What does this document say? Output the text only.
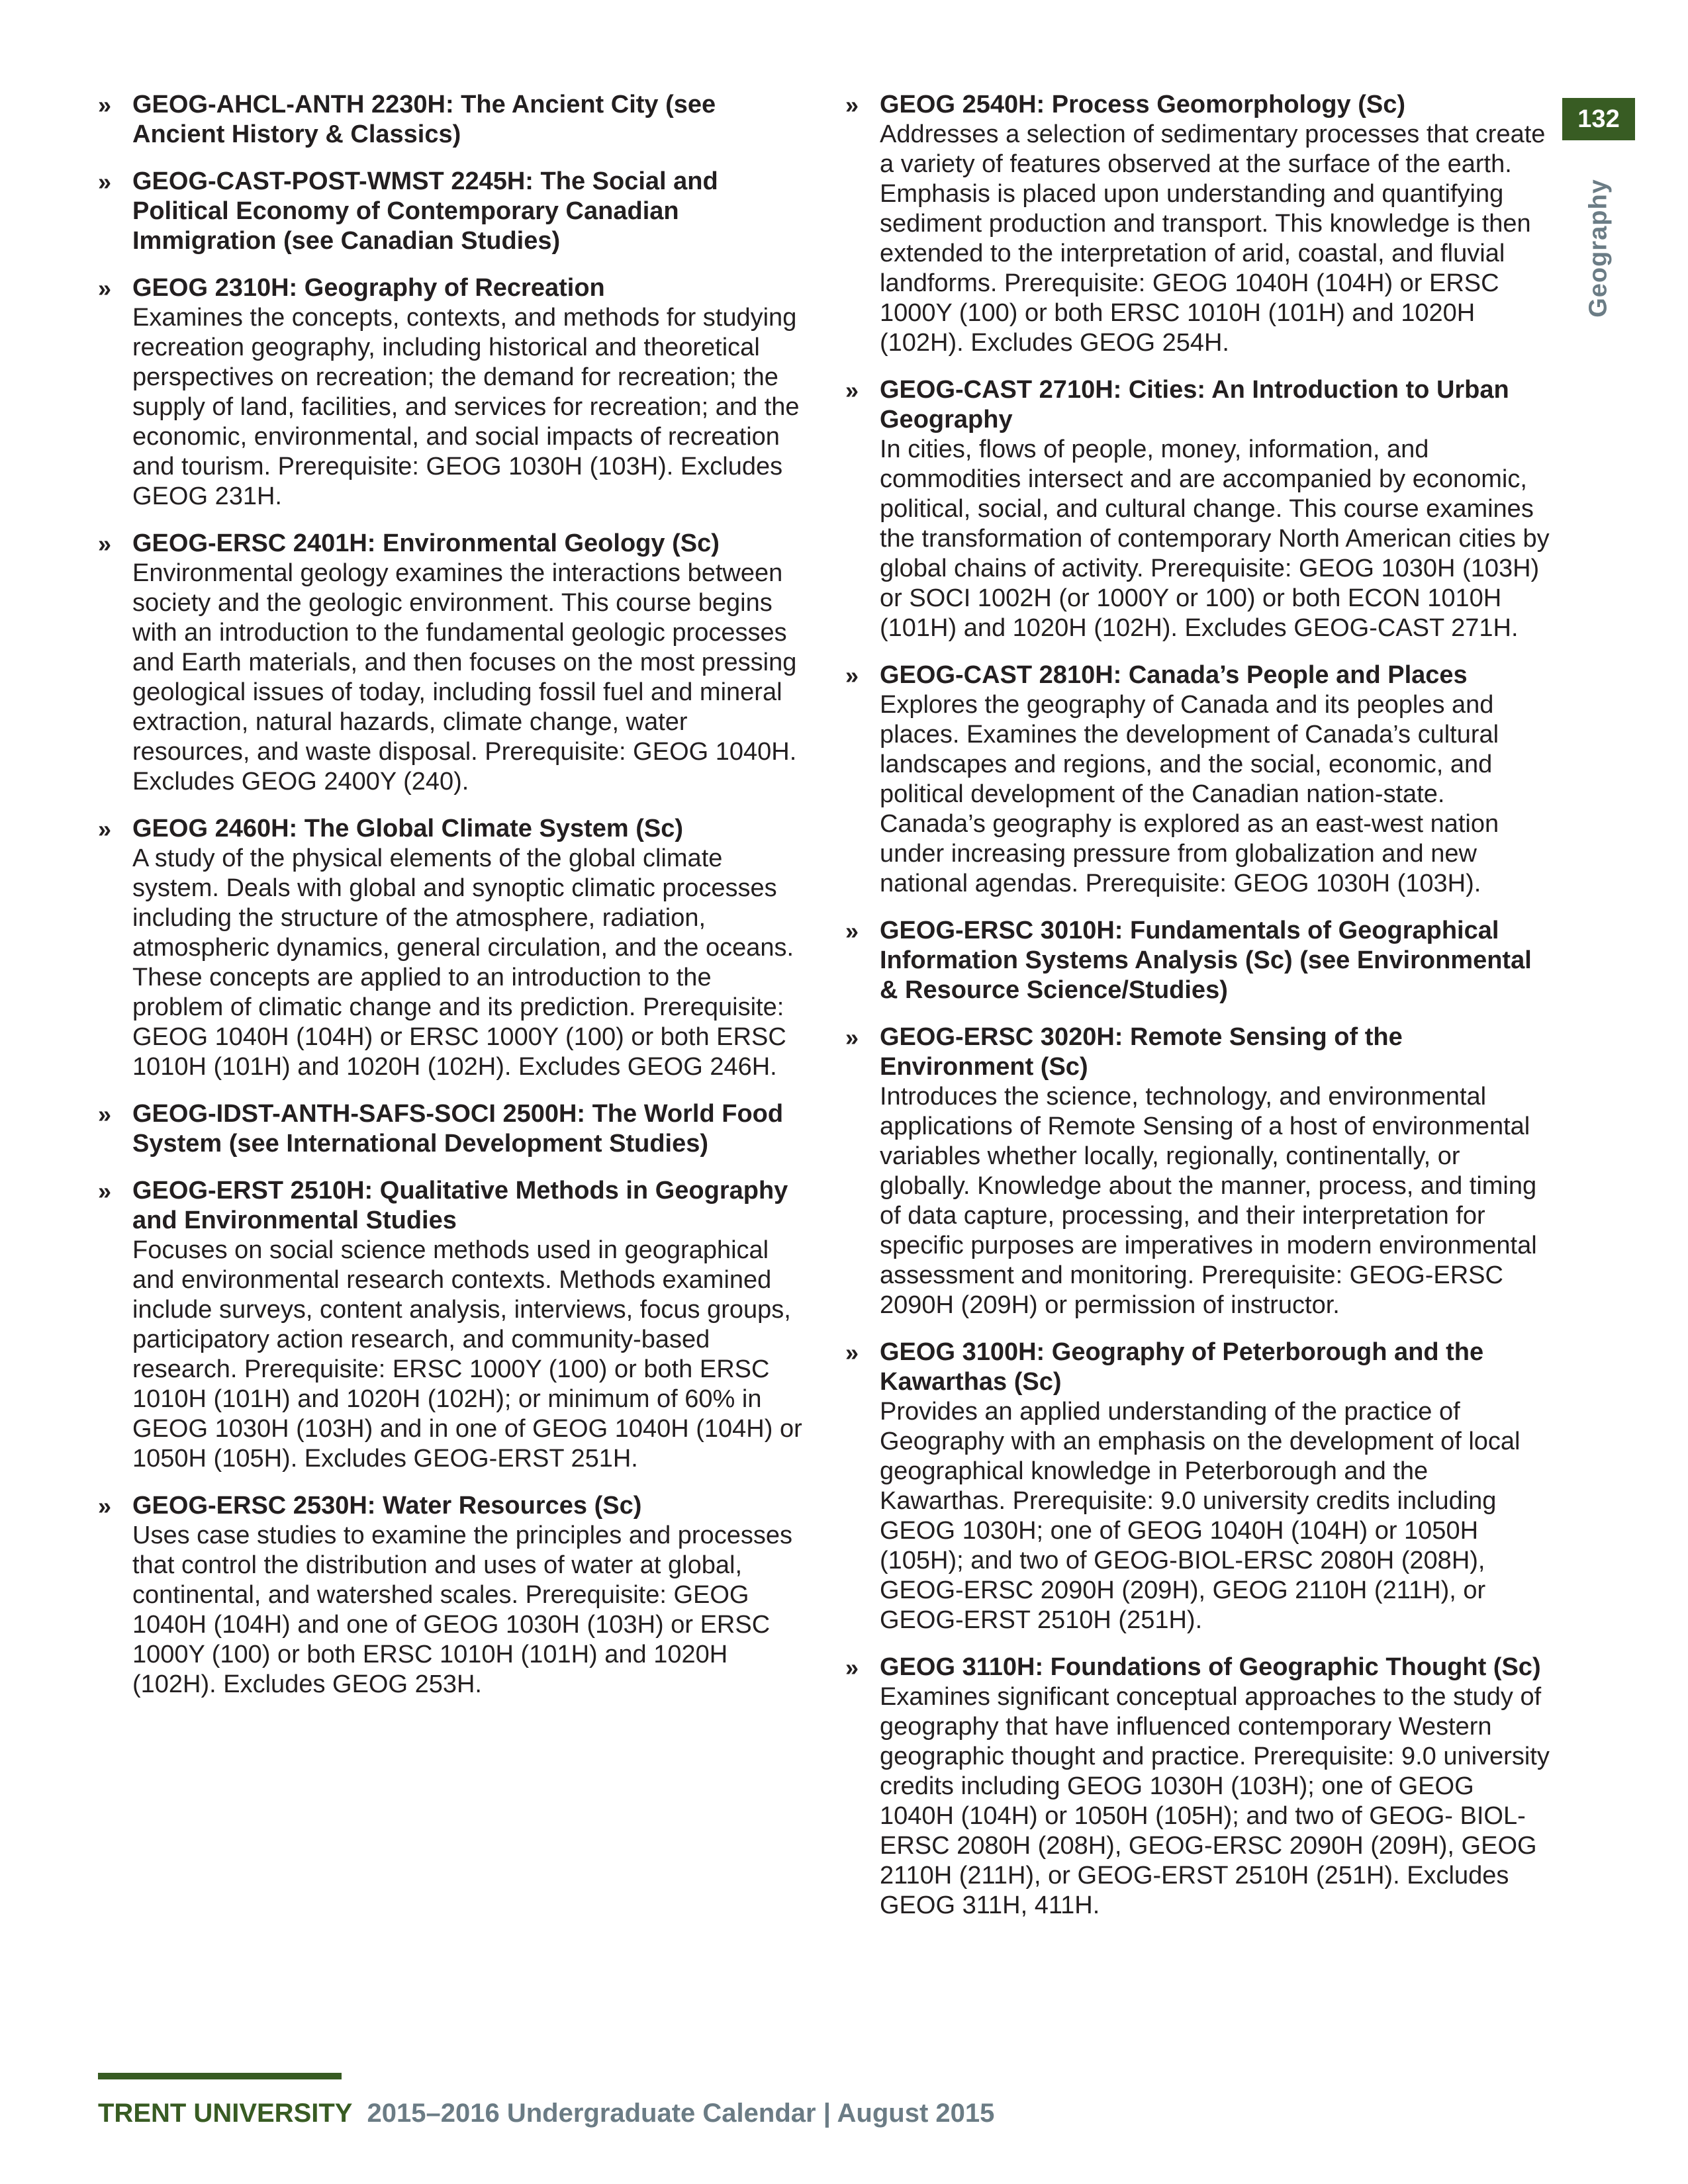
» GEOG-AHCL-ANTH 2230H: The Ancient City (see Ancient History & Classics)
» GEOG-CAST-POST-WMST 2245H: The Social and Political Economy of Contemporary Canadian Immigration (see Canadian Studies)
» GEOG 2310H: Geography of Recreation
Examines the concepts, contexts, and methods for studying recreation geography, including historical and theoretical perspectives on recreation; the demand for recreation; the supply of land, facilities, and services for recreation; and the economic, environmental, and social impacts of recreation and tourism. Prerequisite: GEOG 1030H (103H). Excludes GEOG 231H.
» GEOG-ERSC 2401H: Environmental Geology (Sc)
Environmental geology examines the interactions between society and the geologic environment. This course begins with an introduction to the fundamental geologic processes and Earth materials, and then focuses on the most pressing geological issues of today, including fossil fuel and mineral extraction, natural hazards, climate change, water resources, and waste disposal. Prerequisite: GEOG 1040H. Excludes GEOG 2400Y (240).
» GEOG 2460H: The Global Climate System (Sc)
A study of the physical elements of the global climate system. Deals with global and synoptic climatic processes including the structure of the atmosphere, radiation, atmospheric dynamics, general circulation, and the oceans. These concepts are applied to an introduction to the problem of climatic change and its prediction. Prerequisite: GEOG 1040H (104H) or ERSC 1000Y (100) or both ERSC 1010H (101H) and 1020H (102H). Excludes GEOG 246H.
» GEOG-IDST-ANTH-SAFS-SOCI 2500H: The World Food System (see International Development Studies)
» GEOG-ERST 2510H: Qualitative Methods in Geography and Environmental Studies
Focuses on social science methods used in geographical and environmental research contexts. Methods examined include surveys, content analysis, interviews, focus groups, participatory action research, and community-based research. Prerequisite: ERSC 1000Y (100) or both ERSC 1010H (101H) and 1020H (102H); or minimum of 60% in GEOG 1030H (103H) and in one of GEOG 1040H (104H) or 1050H (105H). Excludes GEOG-ERST 251H.
» GEOG-ERSC 2530H: Water Resources (Sc)
Uses case studies to examine the principles and processes that control the distribution and uses of water at global, continental, and watershed scales. Prerequisite: GEOG 1040H (104H) and one of GEOG 1030H (103H) or ERSC 1000Y (100) or both ERSC 1010H (101H) and 1020H (102H). Excludes GEOG 253H.
» GEOG 2540H: Process Geomorphology (Sc)
Addresses a selection of sedimentary processes that create a variety of features observed at the surface of the earth. Emphasis is placed upon understanding and quantifying sediment production and transport. This knowledge is then extended to the interpretation of arid, coastal, and fluvial landforms. Prerequisite: GEOG 1040H (104H) or ERSC 1000Y (100) or both ERSC 1010H (101H) and 1020H (102H). Excludes GEOG 254H.
» GEOG-CAST 2710H: Cities: An Introduction to Urban Geography
In cities, flows of people, money, information, and commodities intersect and are accompanied by economic, political, social, and cultural change. This course examines the transformation of contemporary North American cities by global chains of activity. Prerequisite: GEOG 1030H (103H) or SOCI 1002H (or 1000Y or 100) or both ECON 1010H (101H) and 1020H (102H). Excludes GEOG-CAST 271H.
» GEOG-CAST 2810H: Canada’s People and Places
Explores the geography of Canada and its peoples and places. Examines the development of Canada’s cultural landscapes and regions, and the social, economic, and political development of the Canadian nation-state. Canada’s geography is explored as an east-west nation under increasing pressure from globalization and new national agendas. Prerequisite: GEOG 1030H (103H).
» GEOG-ERSC 3010H: Fundamentals of Geographical Information Systems Analysis (Sc) (see Environmental & Resource Science/Studies)
» GEOG-ERSC 3020H: Remote Sensing of the Environment (Sc)
Introduces the science, technology, and environmental applications of Remote Sensing of a host of environmental variables whether locally, regionally, continentally, or globally. Knowledge about the manner, process, and timing of data capture, processing, and their interpretation for specific purposes are imperatives in modern environmental assessment and monitoring. Prerequisite: GEOG-ERSC 2090H (209H) or permission of instructor.
» GEOG 3100H: Geography of Peterborough and the Kawarthas (Sc)
Provides an applied understanding of the practice of Geography with an emphasis on the development of local geographical knowledge in Peterborough and the Kawarthas. Prerequisite: 9.0 university credits including GEOG 1030H; one of GEOG 1040H (104H) or 1050H (105H); and two of GEOG-BIOL-ERSC 2080H (208H), GEOG-ERSC 2090H (209H), GEOG 2110H (211H), or GEOG-ERST 2510H (251H).
» GEOG 3110H: Foundations of Geographic Thought (Sc)
Examines significant conceptual approaches to the study of geography that have influenced contemporary Western geographic thought and practice. Prerequisite: 9.0 university credits including GEOG 1030H (103H); one of GEOG 1040H (104H) or 1050H (105H); and two of GEOG- BIOL-ERSC 2080H (208H), GEOG-ERSC 2090H (209H), GEOG 2110H (211H), or GEOG-ERST 2510H (251H). Excludes GEOG 311H, 411H.
132
Geography
TRENT UNIVERSITY 2015–2016 Undergraduate Calendar | August 2015
